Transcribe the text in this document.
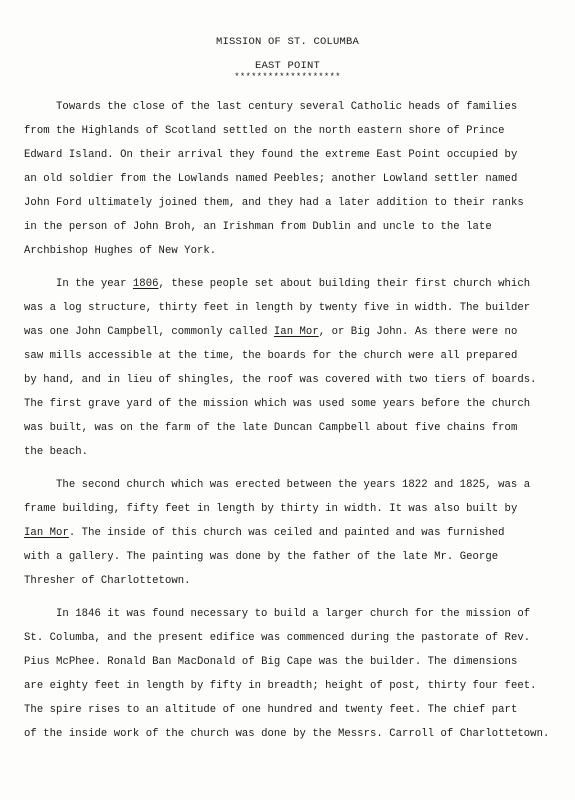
MISSION OF ST. COLUMBA
EAST POINT
*******************
Towards the close of the last century several Catholic heads of families
from the Highlands of Scotland settled on the north eastern shore of Prince
Edward Island. On their arrival they found the extreme East Point occupied by
an old soldier from the Lowlands named Peebles; another Lowland settler named
John Ford ultimately joined them, and they had a later addition to their ranks
in the person of John Broh, an Irishman from Dublin and uncle to the late
Archbishop Hughes of New York.
In the year 1806, these people set about building their first church which
was a log structure, thirty feet in length by twenty five in width. The builder
was one John Campbell, commonly called Ian Mor, or Big John. As there were no
saw mills accessible at the time, the boards for the church were all prepared
by hand, and in lieu of shingles, the roof was covered with two tiers of boards.
The first grave yard of the mission which was used some years before the church
was built, was on the farm of the late Duncan Campbell about five chains from
the beach.
The second church which was erected between the years 1822 and 1825, was a
frame building, fifty feet in length by thirty in width. It was also built by
Ian Mor. The inside of this church was ceiled and painted and was furnished
with a gallery. The painting was done by the father of the late Mr. George
Thresher of Charlottetown.
In 1846 it was found necessary to build a larger church for the mission of
St. Columba, and the present edifice was commenced during the pastorate of Rev.
Pius McPhee. Ronald Ban MacDonald of Big Cape was the builder. The dimensions
are eighty feet in length by fifty in breadth; height of post, thirty four feet.
The spire rises to an altitude of one hundred and twenty feet. The chief part
of the inside work of the church was done by the Messrs. Carroll of Charlottetown.
